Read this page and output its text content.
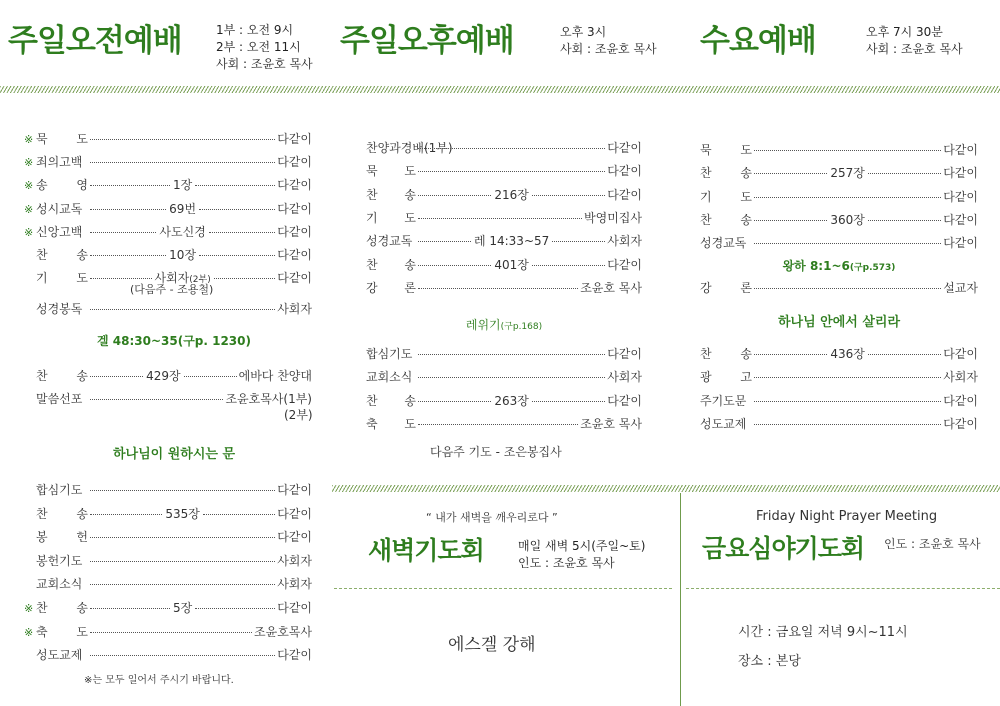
주일오전예배	1부 : 오전 9시
2부 : 오전 11시
사회 : 조윤호 목사
주일오후예배	오후 3시
사회 : 조윤호 목사 수요예배	오후 7시 30분
사회 : 조윤호 목사
※ 묵 도	다같이
※ 죄의고백	다같이
※ 송 영	1장	다같이
※ 성시교독	69번	다같이
※ 신앙고백	사도신경	다같이
찬 송	10장	다같이
기 도	사회자(2부)	다같이
(다음주 - 조용철)
성경봉독	사회자
겔 48:30~35(구p. 1230)
찬 송	429장	에바다 찬양대
말씀선포	조윤호목사(1부)
(2부)
하나님이 원하시는 문
합심기도	다같이
찬 송	535장	다같이
봉 헌	다같이
봉헌기도	사회자
교회소식	사회자
※ 찬 송	5장	다같이
※ 축 도	조윤호목사
성도교제	다같이
※는 모두 일어서 주시기 바랍니다.
찬양과 경배(1부)	다같이
묵 도	다같이
찬 송	216장	다같이
기 도	박영미집사
성경교독	레 14:33~57	사회자
찬 송	401장	다같이
강 론	조윤호 목사
레위기(구p.168)
합심기도	다같이
교회소식	사회자
찬 송	263장	다같이
축 도	조윤호 목사
다음주 기도 - 조은봉집사
묵 도	다같이
찬 송	257장	다같이
기 도	다같이
찬 송	360장	다같이
성경교독	다같이
왕하 8:1~6(구p.573)
강 론	설교자
하나님 안에서 살리라
찬 송	436장	다같이
광 고	사회자
주기도문	다같이
성도교제	다같이
“ 내가 새벽을 깨우리로다 ”
새벽기도회	매일 새벽 5시(주일~토)
인도 : 조윤호 목사
에스겔 강해
Friday Night Prayer Meeting
금요심야기도회 인도 : 조윤호 목사
시간 : 금요일 저녁 9시~11시
장소 : 본당
